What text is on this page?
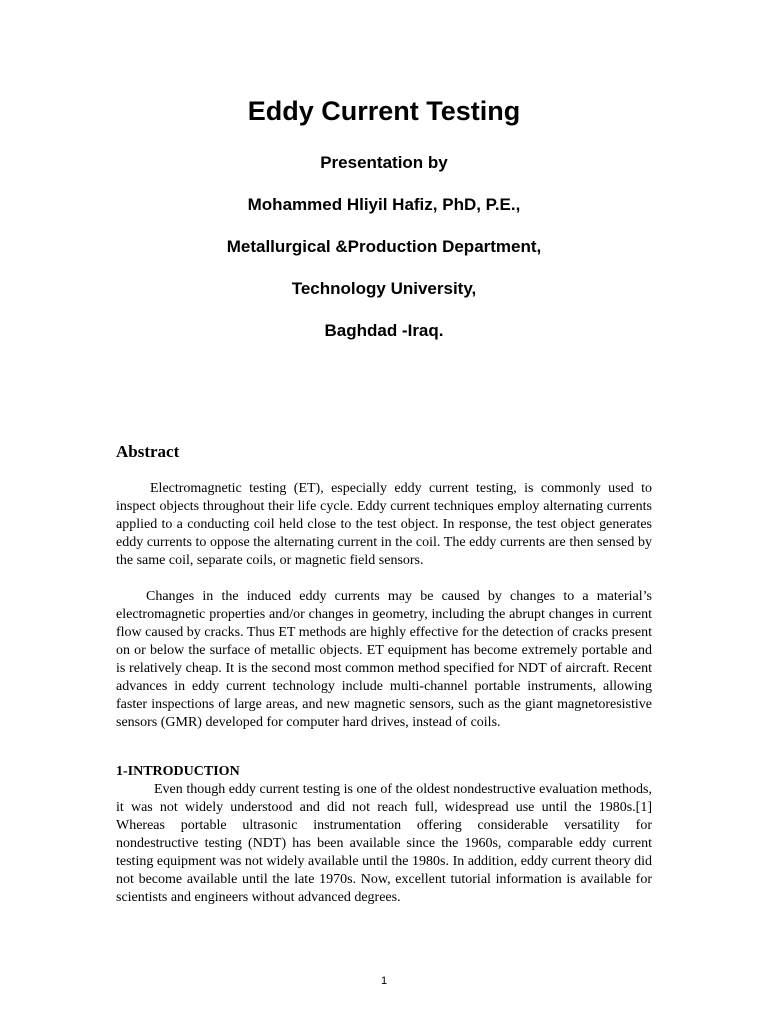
Eddy Current Testing
Presentation by
Mohammed Hliyil Hafiz, PhD, P.E.,
Metallurgical &Production Department,
Technology University,
Baghdad -Iraq.
Abstract

Electromagnetic testing (ET), especially eddy current testing, is commonly used to inspect objects throughout their life cycle. Eddy current techniques employ alternating currents applied to a conducting coil held close to the test object. In response, the test object generates eddy currents to oppose the alternating current in the coil. The eddy currents are then sensed by the same coil, separate coils, or magnetic field sensors.

Changes in the induced eddy currents may be caused by changes to a material’s electromagnetic properties and/or changes in geometry, including the abrupt changes in current flow caused by cracks. Thus ET methods are highly effective for the detection of cracks present on or below the surface of metallic objects. ET equipment has become extremely portable and is relatively cheap. It is the second most common method specified for NDT of aircraft. Recent advances in eddy current technology include multi-channel portable instruments, allowing faster inspections of large areas, and new magnetic sensors, such as the giant magnetoresistive sensors (GMR) developed for computer hard drives, instead of coils.

1-INTRODUCTION

Even though eddy current testing is one of the oldest nondestructive evaluation methods, it was not widely understood and did not reach full, widespread use until the 1980s.[1] Whereas portable ultrasonic instrumentation offering considerable versatility for nondestructive testing (NDT) has been available since the 1960s, comparable eddy current testing equipment was not widely available until the 1980s. In addition, eddy current theory did not become available until the late 1970s. Now, excellent tutorial information is available for scientists and engineers without advanced degrees.

1
